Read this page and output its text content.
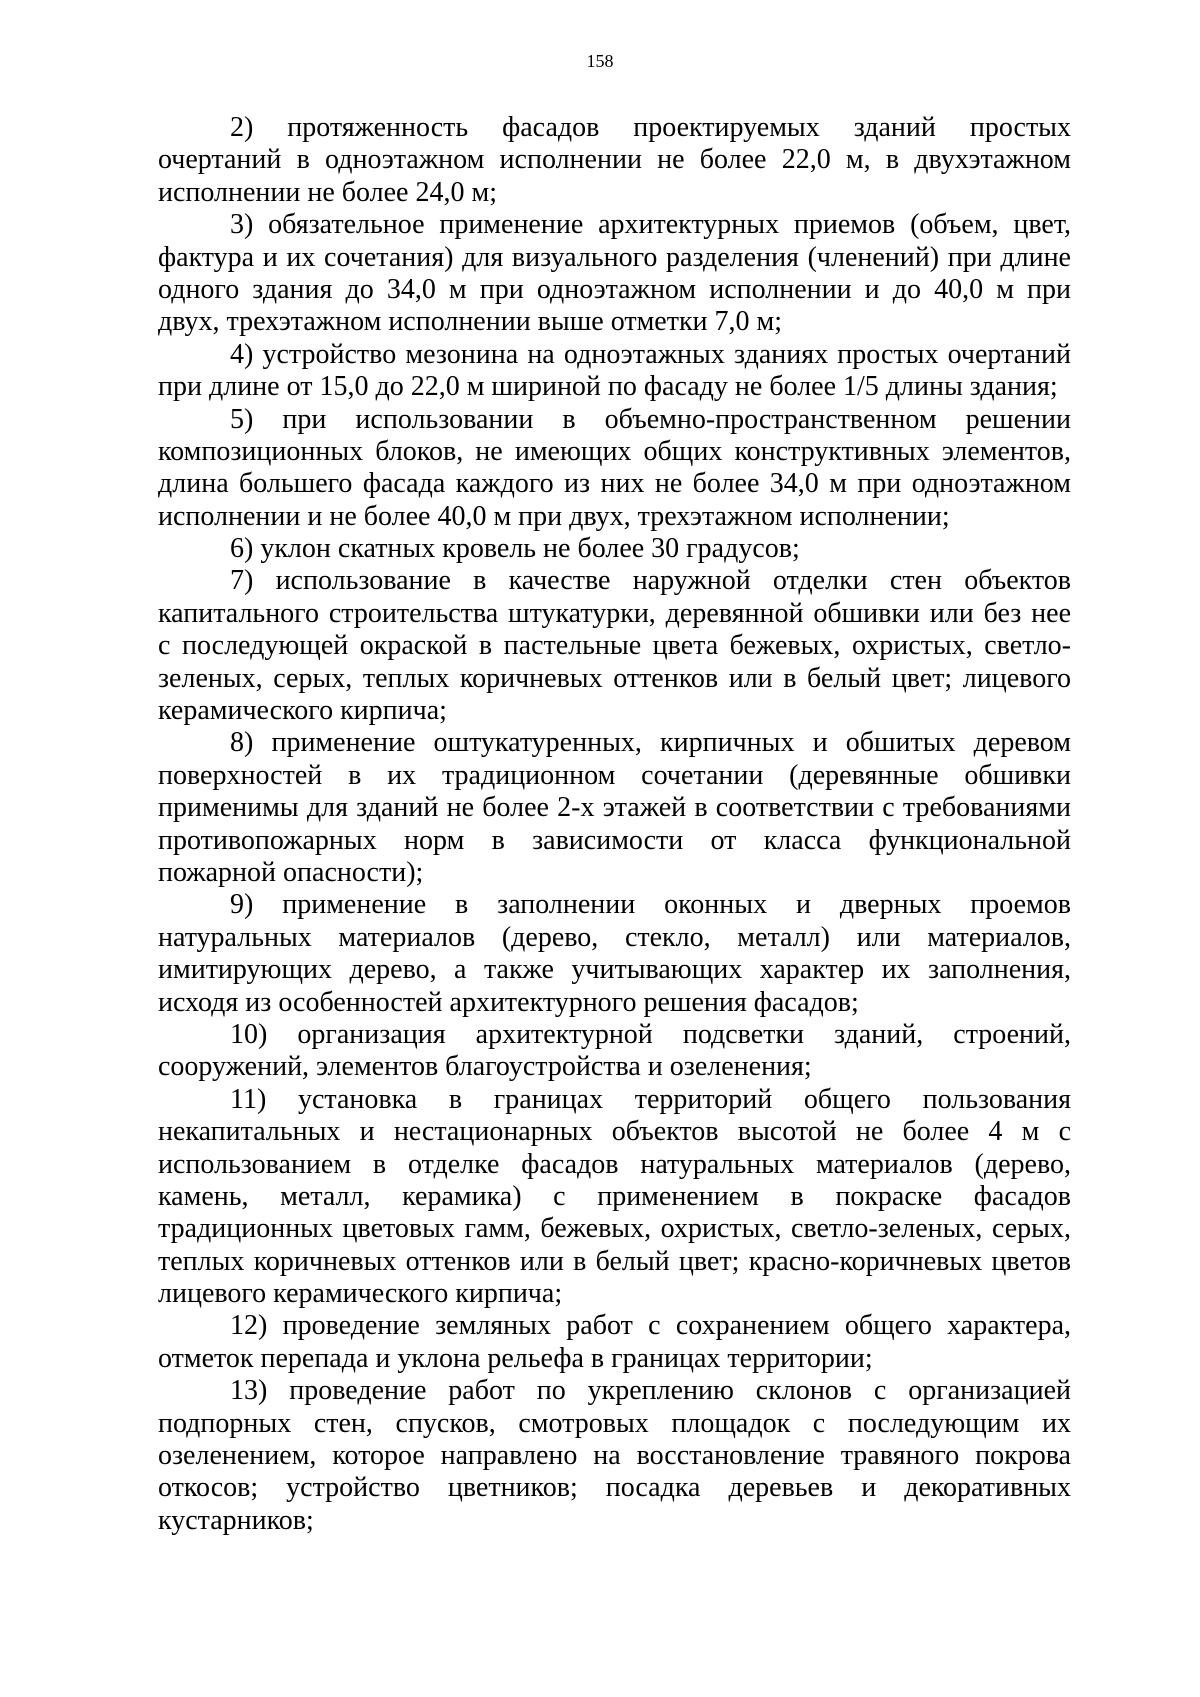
158
2) протяженность фасадов проектируемых зданий простых
очертаний в одноэтажном исполнении не более 22,0 м, в двухэтажном
исполнении не более 24,0 м;
3) обязательное применение архитектурных приемов (объем, цвет,
фактура и их сочетания) для визуального разделения (членений) при длине
одного здания до 34,0 м при одноэтажном исполнении и до 40,0 м при
двух, трехэтажном исполнении выше отметки 7,0 м;
4) устройство мезонина на одноэтажных зданиях простых очертаний
при длине от 15,0 до 22,0 м шириной по фасаду не более 1/5 длины здания;
5) при использовании в объемно-пространственном решении
композиционных блоков, не имеющих общих конструктивных элементов,
длина большего фасада каждого из них не более 34,0 м при одноэтажном
исполнении и не более 40,0 м при двух, трехэтажном исполнении;
6) уклон скатных кровель не более 30 градусов;
7) использование в качестве наружной отделки стен объектов
капитального строительства штукатурки, деревянной обшивки или без нее
с последующей окраской в пастельные цвета бежевых, охристых, светло-
зеленых, серых, теплых коричневых оттенков или в белый цвет; лицевого
керамического кирпича;
8) применение оштукатуренных, кирпичных и обшитых деревом
поверхностей в их традиционном сочетании (деревянные обшивки
применимы для зданий не более 2-х этажей в соответствии с требованиями
противопожарных норм в зависимости от класса функциональной
пожарной опасности);
9) применение в заполнении оконных и дверных проемов
натуральных материалов (дерево, стекло, металл) или материалов,
имитирующих дерево, а также учитывающих характер их заполнения,
исходя из особенностей архитектурного решения фасадов;
10) организация архитектурной подсветки зданий, строений,
сооружений, элементов благоустройства и озеленения;
11) установка в границах территорий общего пользования
некапитальных и нестационарных объектов высотой не более 4 м с
использованием в отделке фасадов натуральных материалов (дерево,
камень, металл, керамика) с применением в покраске фасадов
традиционных цветовых гамм, бежевых, охристых, светло-зеленых, серых,
теплых коричневых оттенков или в белый цвет; красно-коричневых цветов
лицевого керамического кирпича;
12) проведение земляных работ с сохранением общего характера,
отметок перепада и уклона рельефа в границах территории;
13) проведение работ по укреплению склонов с организацией
подпорных стен, спусков, смотровых площадок с последующим их
озеленением, которое направлено на восстановление травяного покрова
откосов; устройство цветников; посадка деревьев и декоративных
кустарников;
